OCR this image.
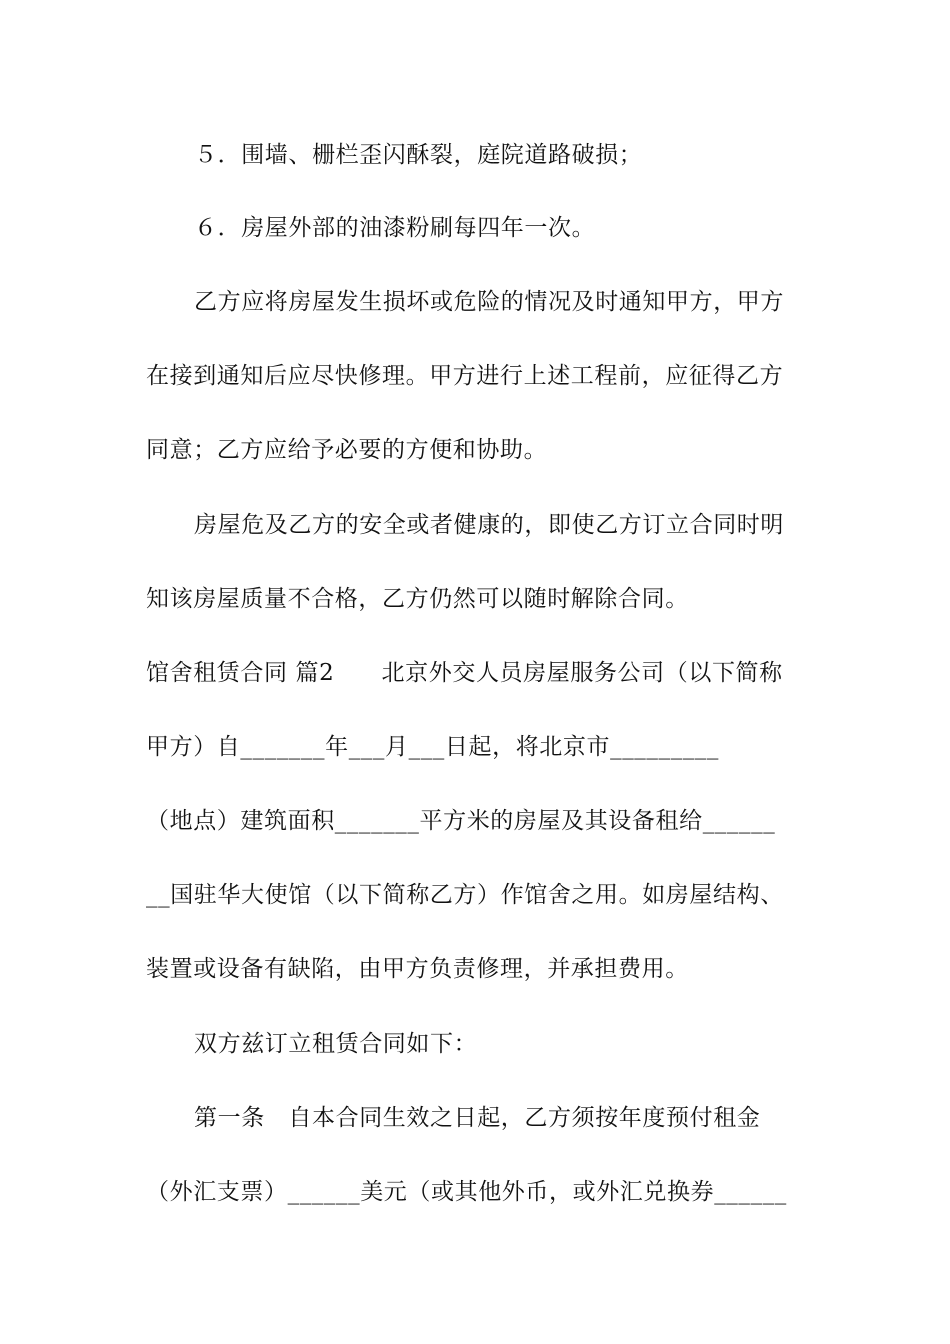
５．围墙、栅栏歪闪酥裂，庭院道路破损；
６．房屋外部的油漆粉刷每四年一次。
乙方应将房屋发生损坏或危险的情况及时通知甲方，甲方
在接到通知后应尽快修理。甲方进行上述工程前，应征得乙方
同意；乙方应给予必要的方便和协助。
房屋危及乙方的安全或者健康的，即使乙方订立合同时明
知该房屋质量不合格，乙方仍然可以随时解除合同。
馆舍租赁合同 篇2　　北京外交人员房屋服务公司（以下简称
甲方）自_______年___月___日起，将北京市_________
（地点）建筑面积_______平方米的房屋及其设备租给______
__国驻华大使馆（以下简称乙方）作馆舍之用。如房屋结构、
装置或设备有缺陷，由甲方负责修理，并承担费用。
双方兹订立租赁合同如下：
第一条　自本合同生效之日起，乙方须按年度预付租金
（外汇支票）______美元（或其他外币，或外汇兑换券______
